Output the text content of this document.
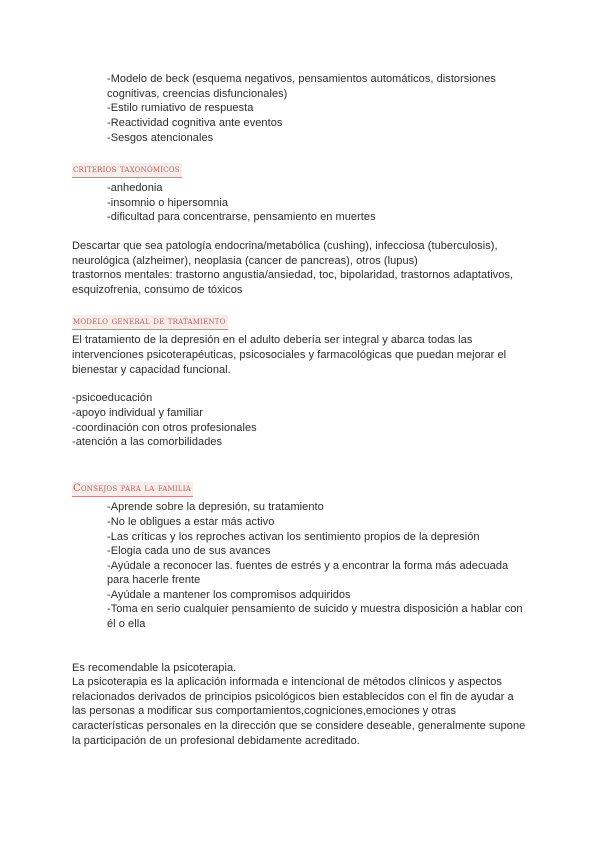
-Modelo de beck (esquema negativos, pensamientos automáticos, distorsiones
cognitivas, creencias disfuncionales)
-Estilo rumiativo de respuesta
-Reactividad cognitiva ante eventos
-Sesgos atencionales
criterios taxonómicos
-anhedonia
-insomnio o hipersomnia
-dificultad para concentrarse, pensamiento en muertes
Descartar que sea patología endocrina/metabólica (cushing), infecciosa (tuberculosis),
neurológica (alzheimer), neoplasia (cancer de pancreas), otros (lupus)
trastornos mentales: trastorno angustia/ansiedad, toc, bipolaridad, trastornos adaptativos,
esquizofrenia, consumo de tóxicos
modelo general de tratamiento
El tratamiento de la depresión en el adulto debería ser integral y abarca todas las
intervenciones psicoterapéuticas, psicosociales y farmacológicas que puedan mejorar el
bienestar y capacidad funcional.
-psicoeducación
-apoyo individual y familiar
-coordinación con otros profesionales
-atención a las comorbilidades
Consejos para la familia
-Aprende sobre la depresión, su tratamiento
-No le obligues a estar más activo
-Las críticas y los reproches activan los sentimiento propios de la depresión
-Elogia cada uno de sus avances
-Ayúdale a reconocer las. fuentes de estrés y a encontrar la forma más adecuada
para hacerle frente
-Ayúdale a mantener los compromisos adquiridos
-Toma en serio cualquier pensamiento de suicido y muestra disposición a hablar con
él o ella
Es recomendable la psicoterapia.
La psicoterapia es la aplicación informada e intencional de métodos clínicos y aspectos
relacionados derivados de principios psicológicos bien establecidos con el fin de ayudar a
las personas a modificar sus comportamientos,cogniciones,emociones y otras
características personales en la dirección que se considere deseable, generalmente supone
la participación de un profesional debidamente acreditado.
